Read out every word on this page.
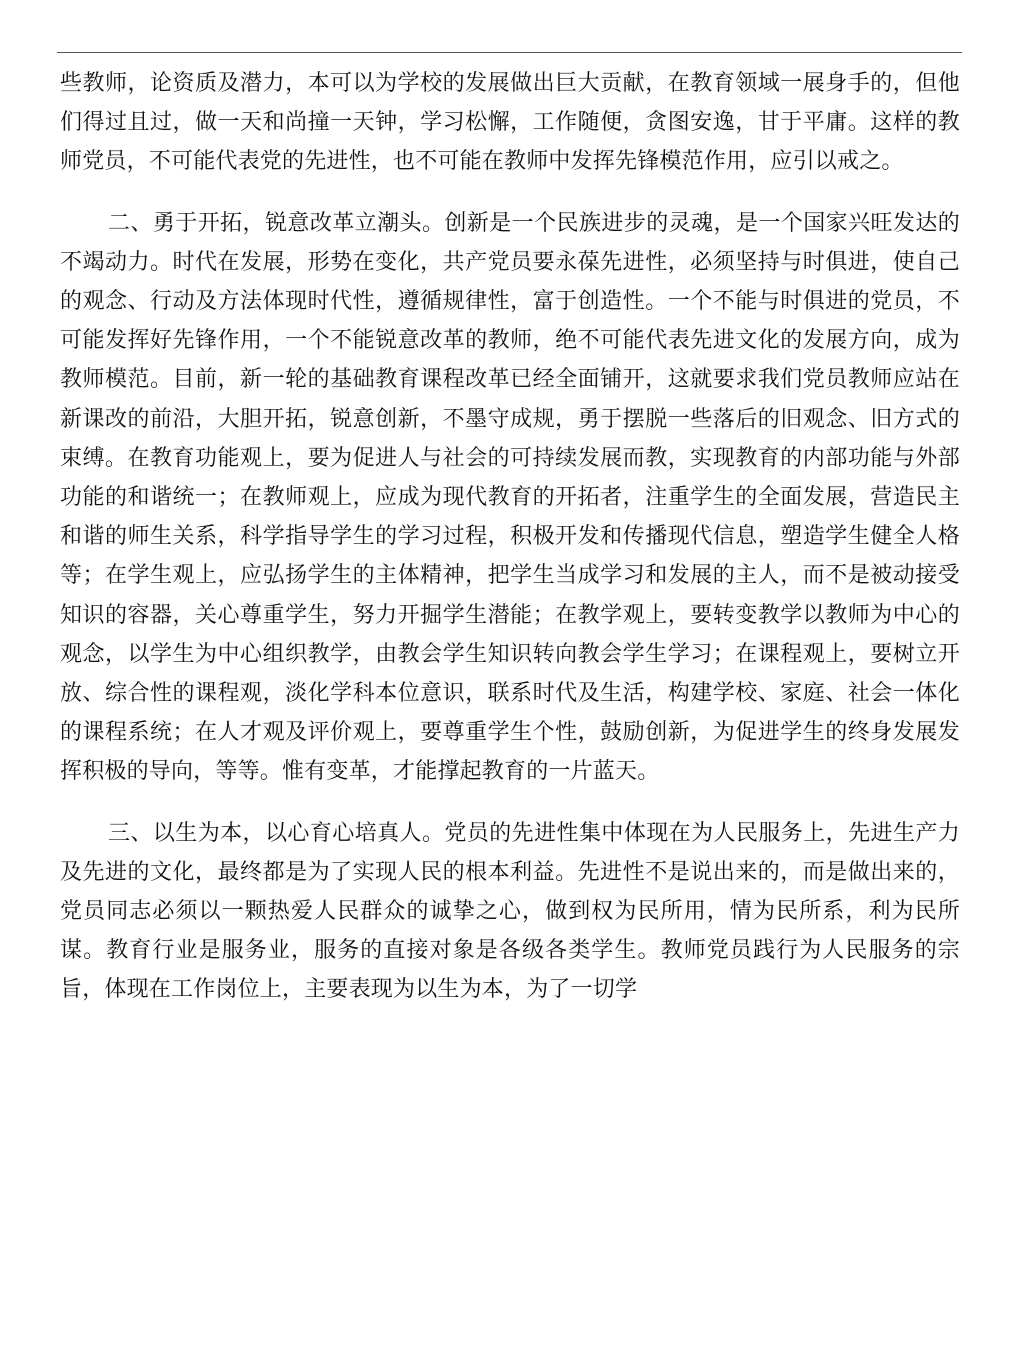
些教师，论资质及潜力，本可以为学校的发展做出巨大贡献，在教育领域一展身手的，但他们得过且过，做一天和尚撞一天钟，学习松懈，工作随便，贪图安逸，甘于平庸。这样的教师党员，不可能代表党的先进性，也不可能在教师中发挥先锋模范作用，应引以戒之。

二、勇于开拓，锐意改革立潮头。创新是一个民族进步的灵魂，是一个国家兴旺发达的不竭动力。时代在发展，形势在变化，共产党员要永葆先进性，必须坚持与时俱进，使自己的观念、行动及方法体现时代性，遵循规律性，富于创造性。一个不能与时俱进的党员，不可能发挥好先锋作用，一个不能锐意改革的教师，绝不可能代表先进文化的发展方向，成为教师模范。目前，新一轮的基础教育课程改革已经全面铺开，这就要求我们党员教师应站在新课改的前沿，大胆开拓，锐意创新，不墨守成规，勇于摆脱一些落后的旧观念、旧方式的束缚。在教育功能观上，要为促进人与社会的可持续发展而教，实现教育的内部功能与外部功能的和谐统一；在教师观上，应成为现代教育的开拓者，注重学生的全面发展，营造民主和谐的师生关系，科学指导学生的学习过程，积极开发和传播现代信息，塑造学生健全人格等；在学生观上，应弘扬学生的主体精神，把学生当成学习和发展的主人，而不是被动接受知识的容器，关心尊重学生，努力开掘学生潜能；在教学观上，要转变教学以教师为中心的观念，以学生为中心组织教学，由教会学生知识转向教会学生学习；在课程观上，要树立开放、综合性的课程观，淡化学科本位意识，联系时代及生活，构建学校、家庭、社会一体化的课程系统；在人才观及评价观上，要尊重学生个性，鼓励创新，为促进学生的终身发展发挥积极的导向，等等。惟有变革，才能撑起教育的一片蓝天。

三、以生为本，以心育心培真人。党员的先进性集中体现在为人民服务上，先进生产力及先进的文化，最终都是为了实现人民的根本利益。先进性不是说出来的，而是做出来的，党员同志必须以一颗热爱人民群众的诚挚之心，做到权为民所用，情为民所系，利为民所谋。教育行业是服务业，服务的直接对象是各级各类学生。教师党员践行为人民服务的宗旨，体现在工作岗位上，主要表现为以生为本，为了一切学
